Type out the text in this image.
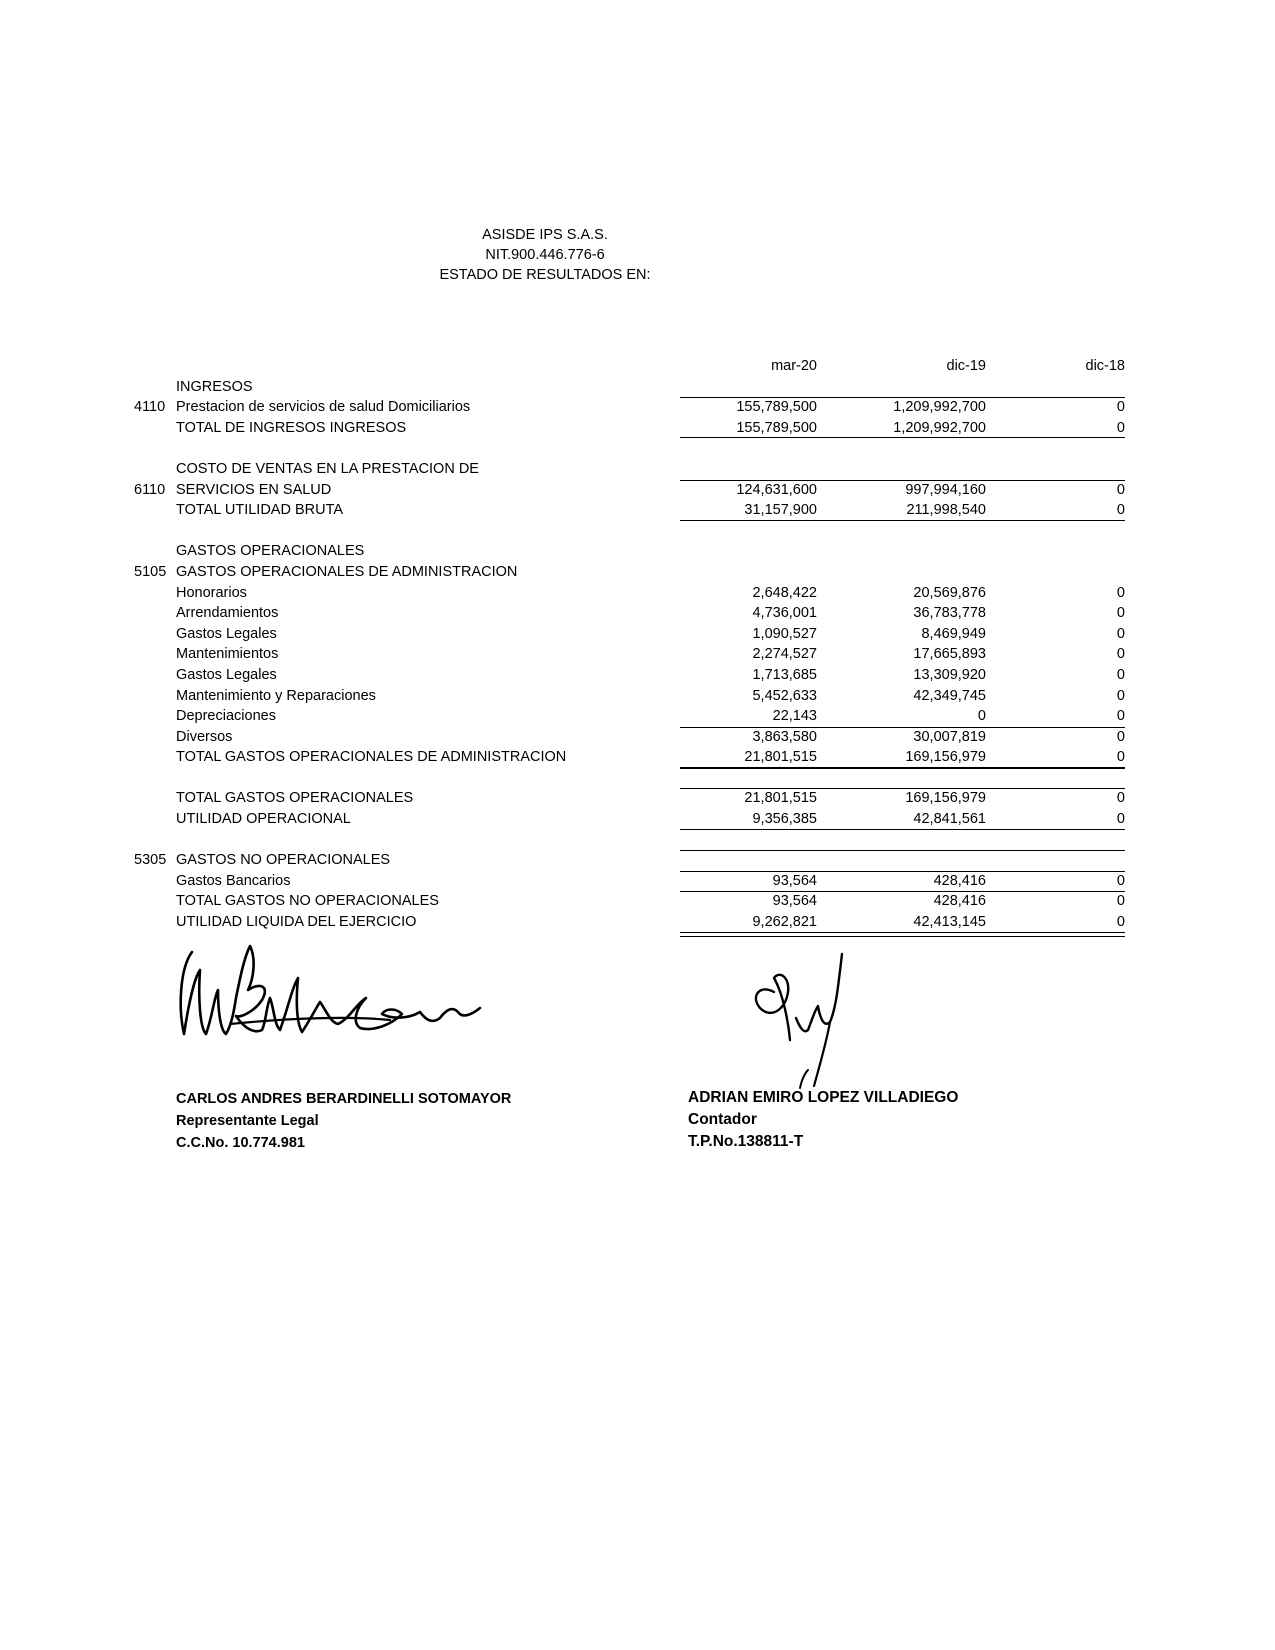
ASISDE IPS S.A.S.
NIT.900.446.776-6
ESTADO DE RESULTADOS EN:
mar-20	dic-19	dic-18
INGRESOS
4110 Prestacion de servicios de salud Domiciliarios	155,789,500	1,209,992,700	0
TOTAL DE INGRESOS INGRESOS	155,789,500	1,209,992,700	0
COSTO DE VENTAS EN LA PRESTACION DE
6110 SERVICIOS EN SALUD	124,631,600	997,994,160	0
TOTAL UTILIDAD BRUTA	31,157,900	211,998,540	0
GASTOS OPERACIONALES
5105 GASTOS OPERACIONALES DE ADMINISTRACION
Honorarios	2,648,422	20,569,876	0
Arrendamientos	4,736,001	36,783,778	0
Gastos Legales	1,090,527	8,469,949	0
Mantenimientos	2,274,527	17,665,893	0
Gastos Legales	1,713,685	13,309,920	0
Mantenimiento y Reparaciones	5,452,633	42,349,745	0
Depreciaciones	22,143	0	0
Diversos	3,863,580	30,007,819	0
TOTAL GASTOS OPERACIONALES DE ADMINISTRACION	21,801,515	169,156,979	0
TOTAL GASTOS OPERACIONALES	21,801,515	169,156,979	0
UTILIDAD OPERACIONAL	9,356,385	42,841,561	0
5305 GASTOS NO OPERACIONALES
Gastos Bancarios	93,564	428,416	0
TOTAL GASTOS NO OPERACIONALES	93,564	428,416	0
UTILIDAD LIQUIDA DEL EJERCICIO	9,262,821	42,413,145	0
CARLOS ANDRES BERARDINELLI SOTOMAYOR
Representante Legal
C.C.No. 10.774.981
ADRIAN EMIRO LOPEZ VILLADIEGO
Contador
T.P.No.138811-T
